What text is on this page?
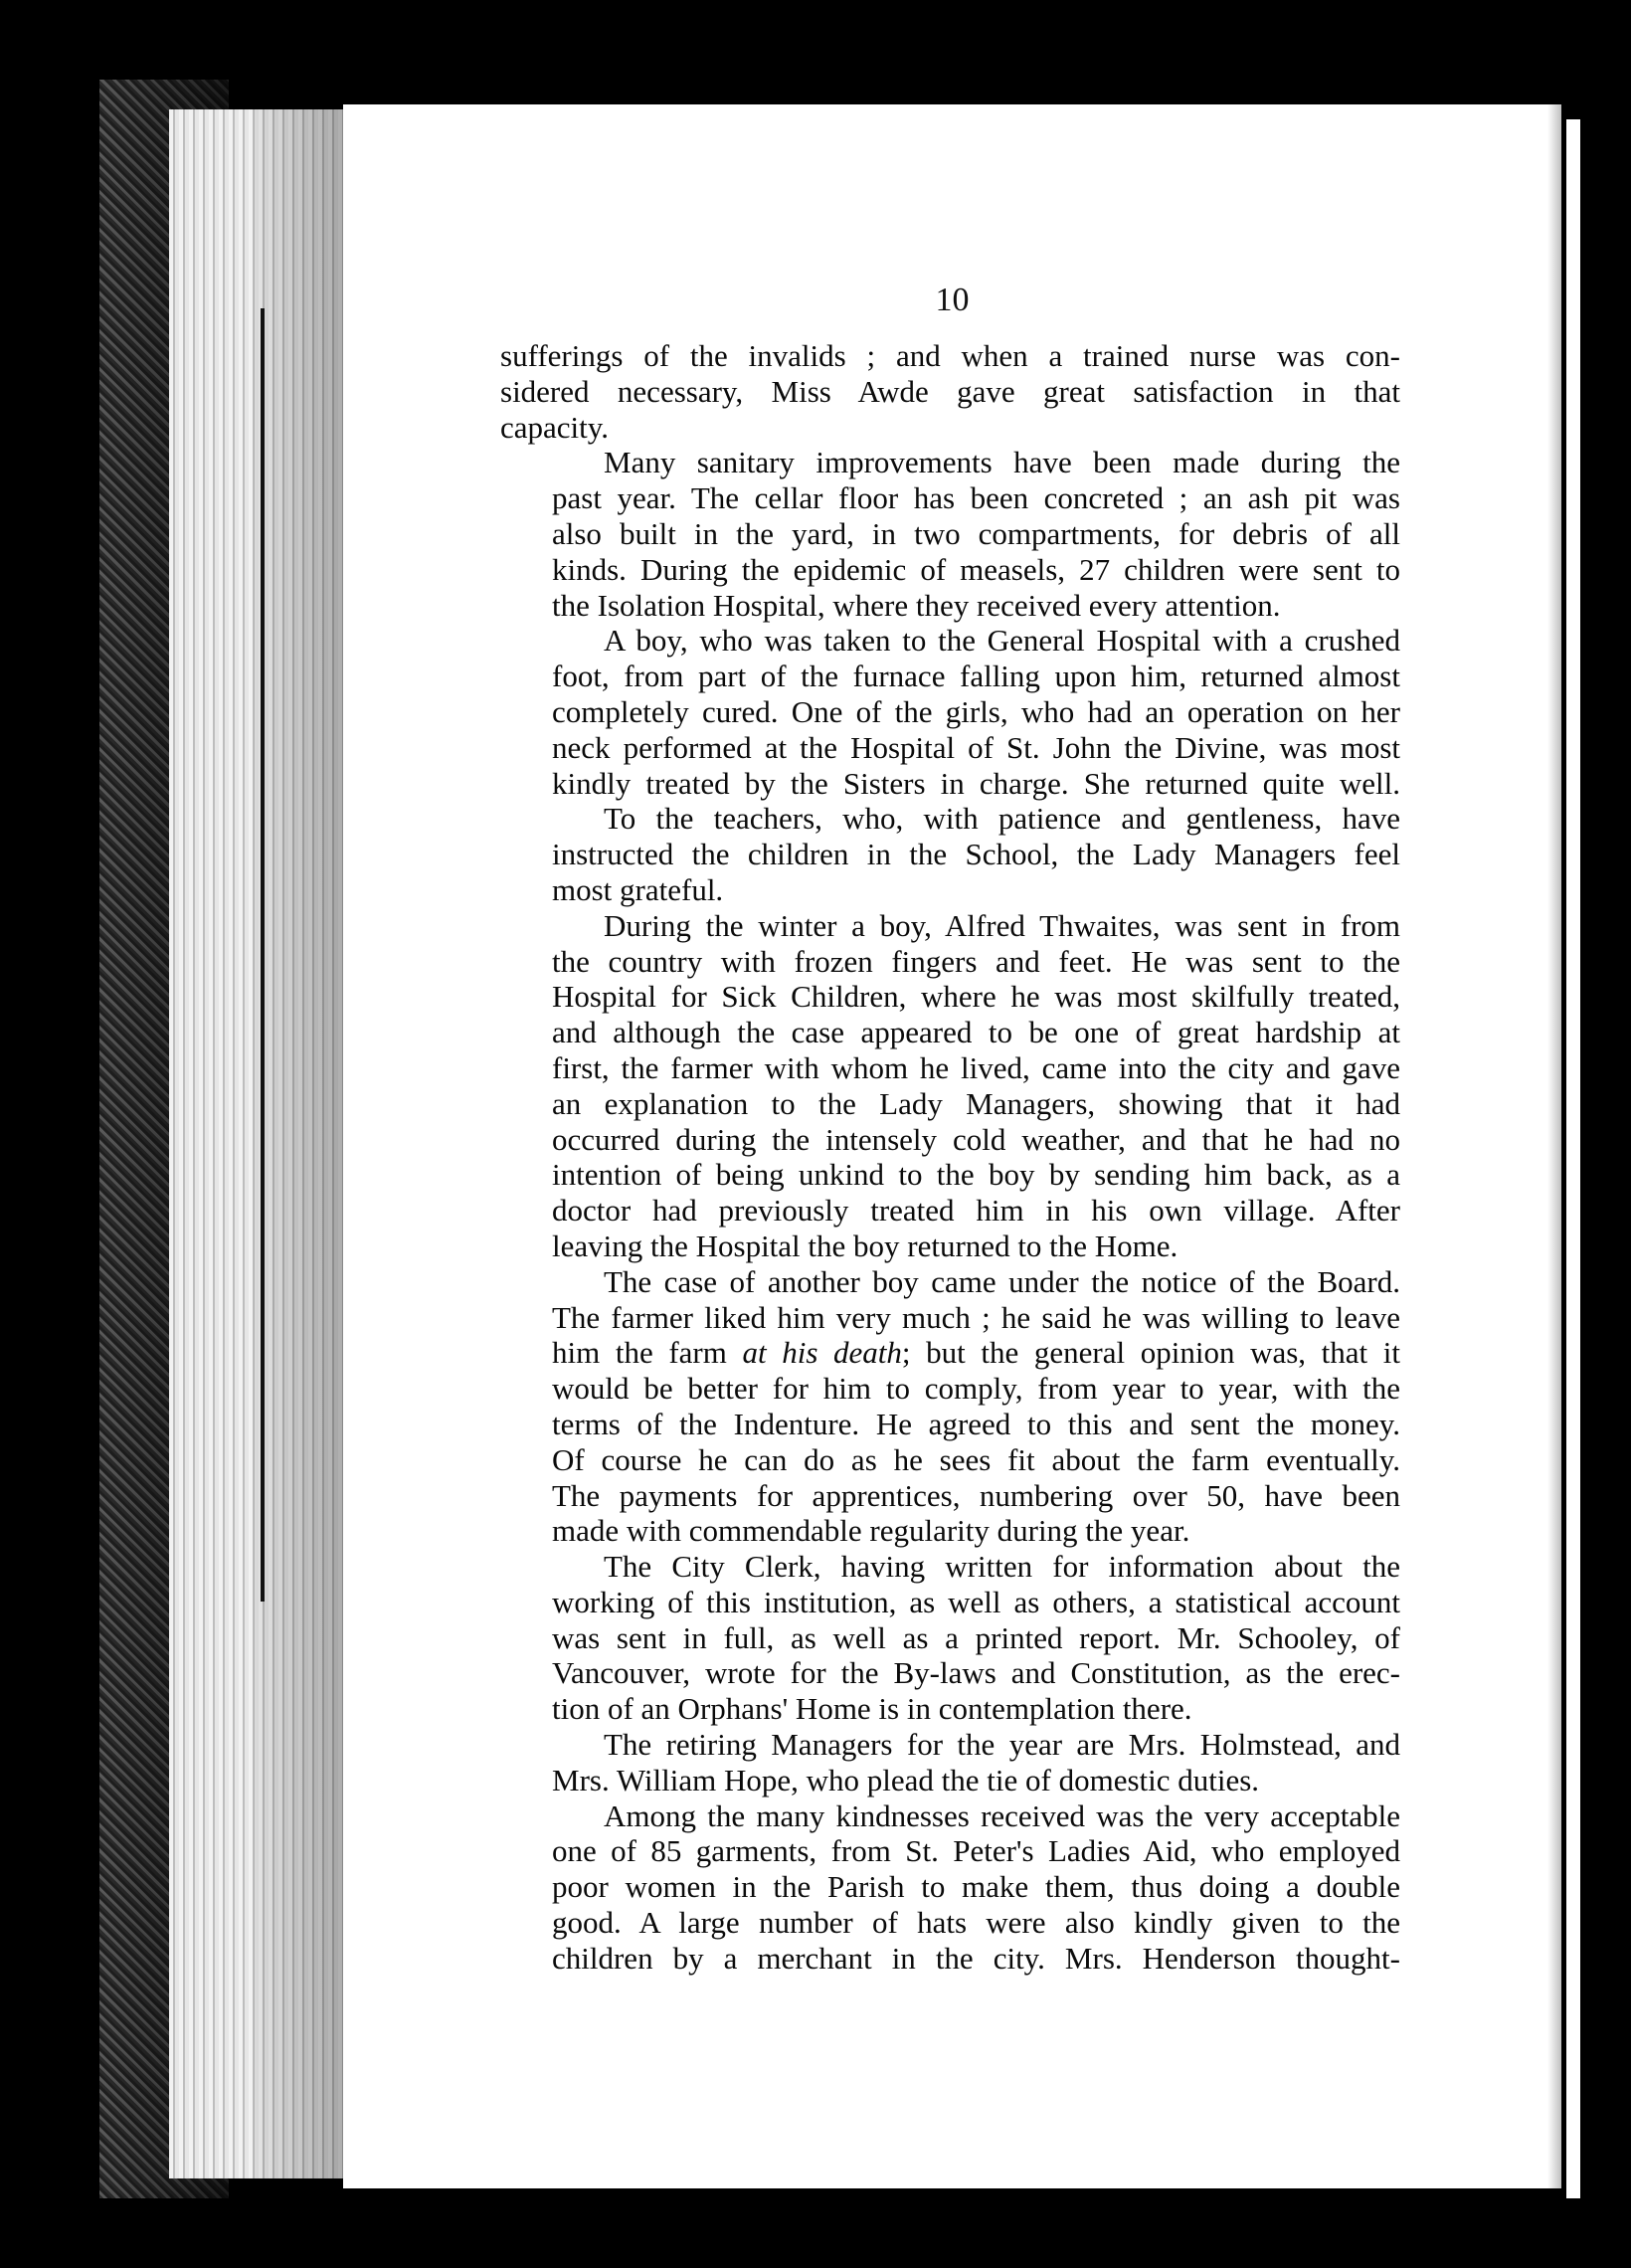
10

sufferings of the invalids ; and when a trained nurse was con-
sidered necessary, Miss Awde gave great satisfaction in that
capacity.

Many sanitary improvements have been made during the
past year. The cellar floor has been concreted ; an ash pit was
also built in the yard, in two compartments, for debris of all
kinds. During the epidemic of measels, 27 children were sent to
the Isolation Hospital, where they received every attention.

A boy, who was taken to the General Hospital with a crushed
foot, from part of the furnace falling upon him, returned almost
completely cured. One of the girls, who had an operation on her
neck performed at the Hospital of St. John the Divine, was most
kindly treated by the Sisters in charge. She returned quite well.

To the teachers, who, with patience and gentleness, have
instructed the children in the School, the Lady Managers feel
most grateful.

During the winter a boy, Alfred Thwaites, was sent in from
the country with frozen fingers and feet. He was sent to the
Hospital for Sick Children, where he was most skilfully treated,
and although the case appeared to be one of great hardship at
first, the farmer with whom he lived, came into the city and gave
an explanation to the Lady Managers, showing that it had
occurred during the intensely cold weather, and that he had no
intention of being unkind to the boy by sending him back, as a
doctor had previously treated him in his own village. After
leaving the Hospital the boy returned to the Home.

The case of another boy came under the notice of the Board.
The farmer liked him very much ; he said he was willing to leave
him the farm at his death; but the general opinion was, that it
would be better for him to comply, from year to year, with the
terms of the Indenture. He agreed to this and sent the money.
Of course he can do as he sees fit about the farm eventually.
The payments for apprentices, numbering over 50, have been
made with commendable regularity during the year.

The City Clerk, having written for information about the
working of this institution, as well as others, a statistical account
was sent in full, as well as a printed report. Mr. Schooley, of
Vancouver, wrote for the By-laws and Constitution, as the erec-
tion of an Orphans' Home is in contemplation there.

The retiring Managers for the year are Mrs. Holmstead, and
Mrs. William Hope, who plead the tie of domestic duties.

Among the many kindnesses received was the very acceptable
one of 85 garments, from St. Peter's Ladies Aid, who employed
poor women in the Parish to make them, thus doing a double
good. A large number of hats were also kindly given to the
children by a merchant in the city. Mrs. Henderson thought-
